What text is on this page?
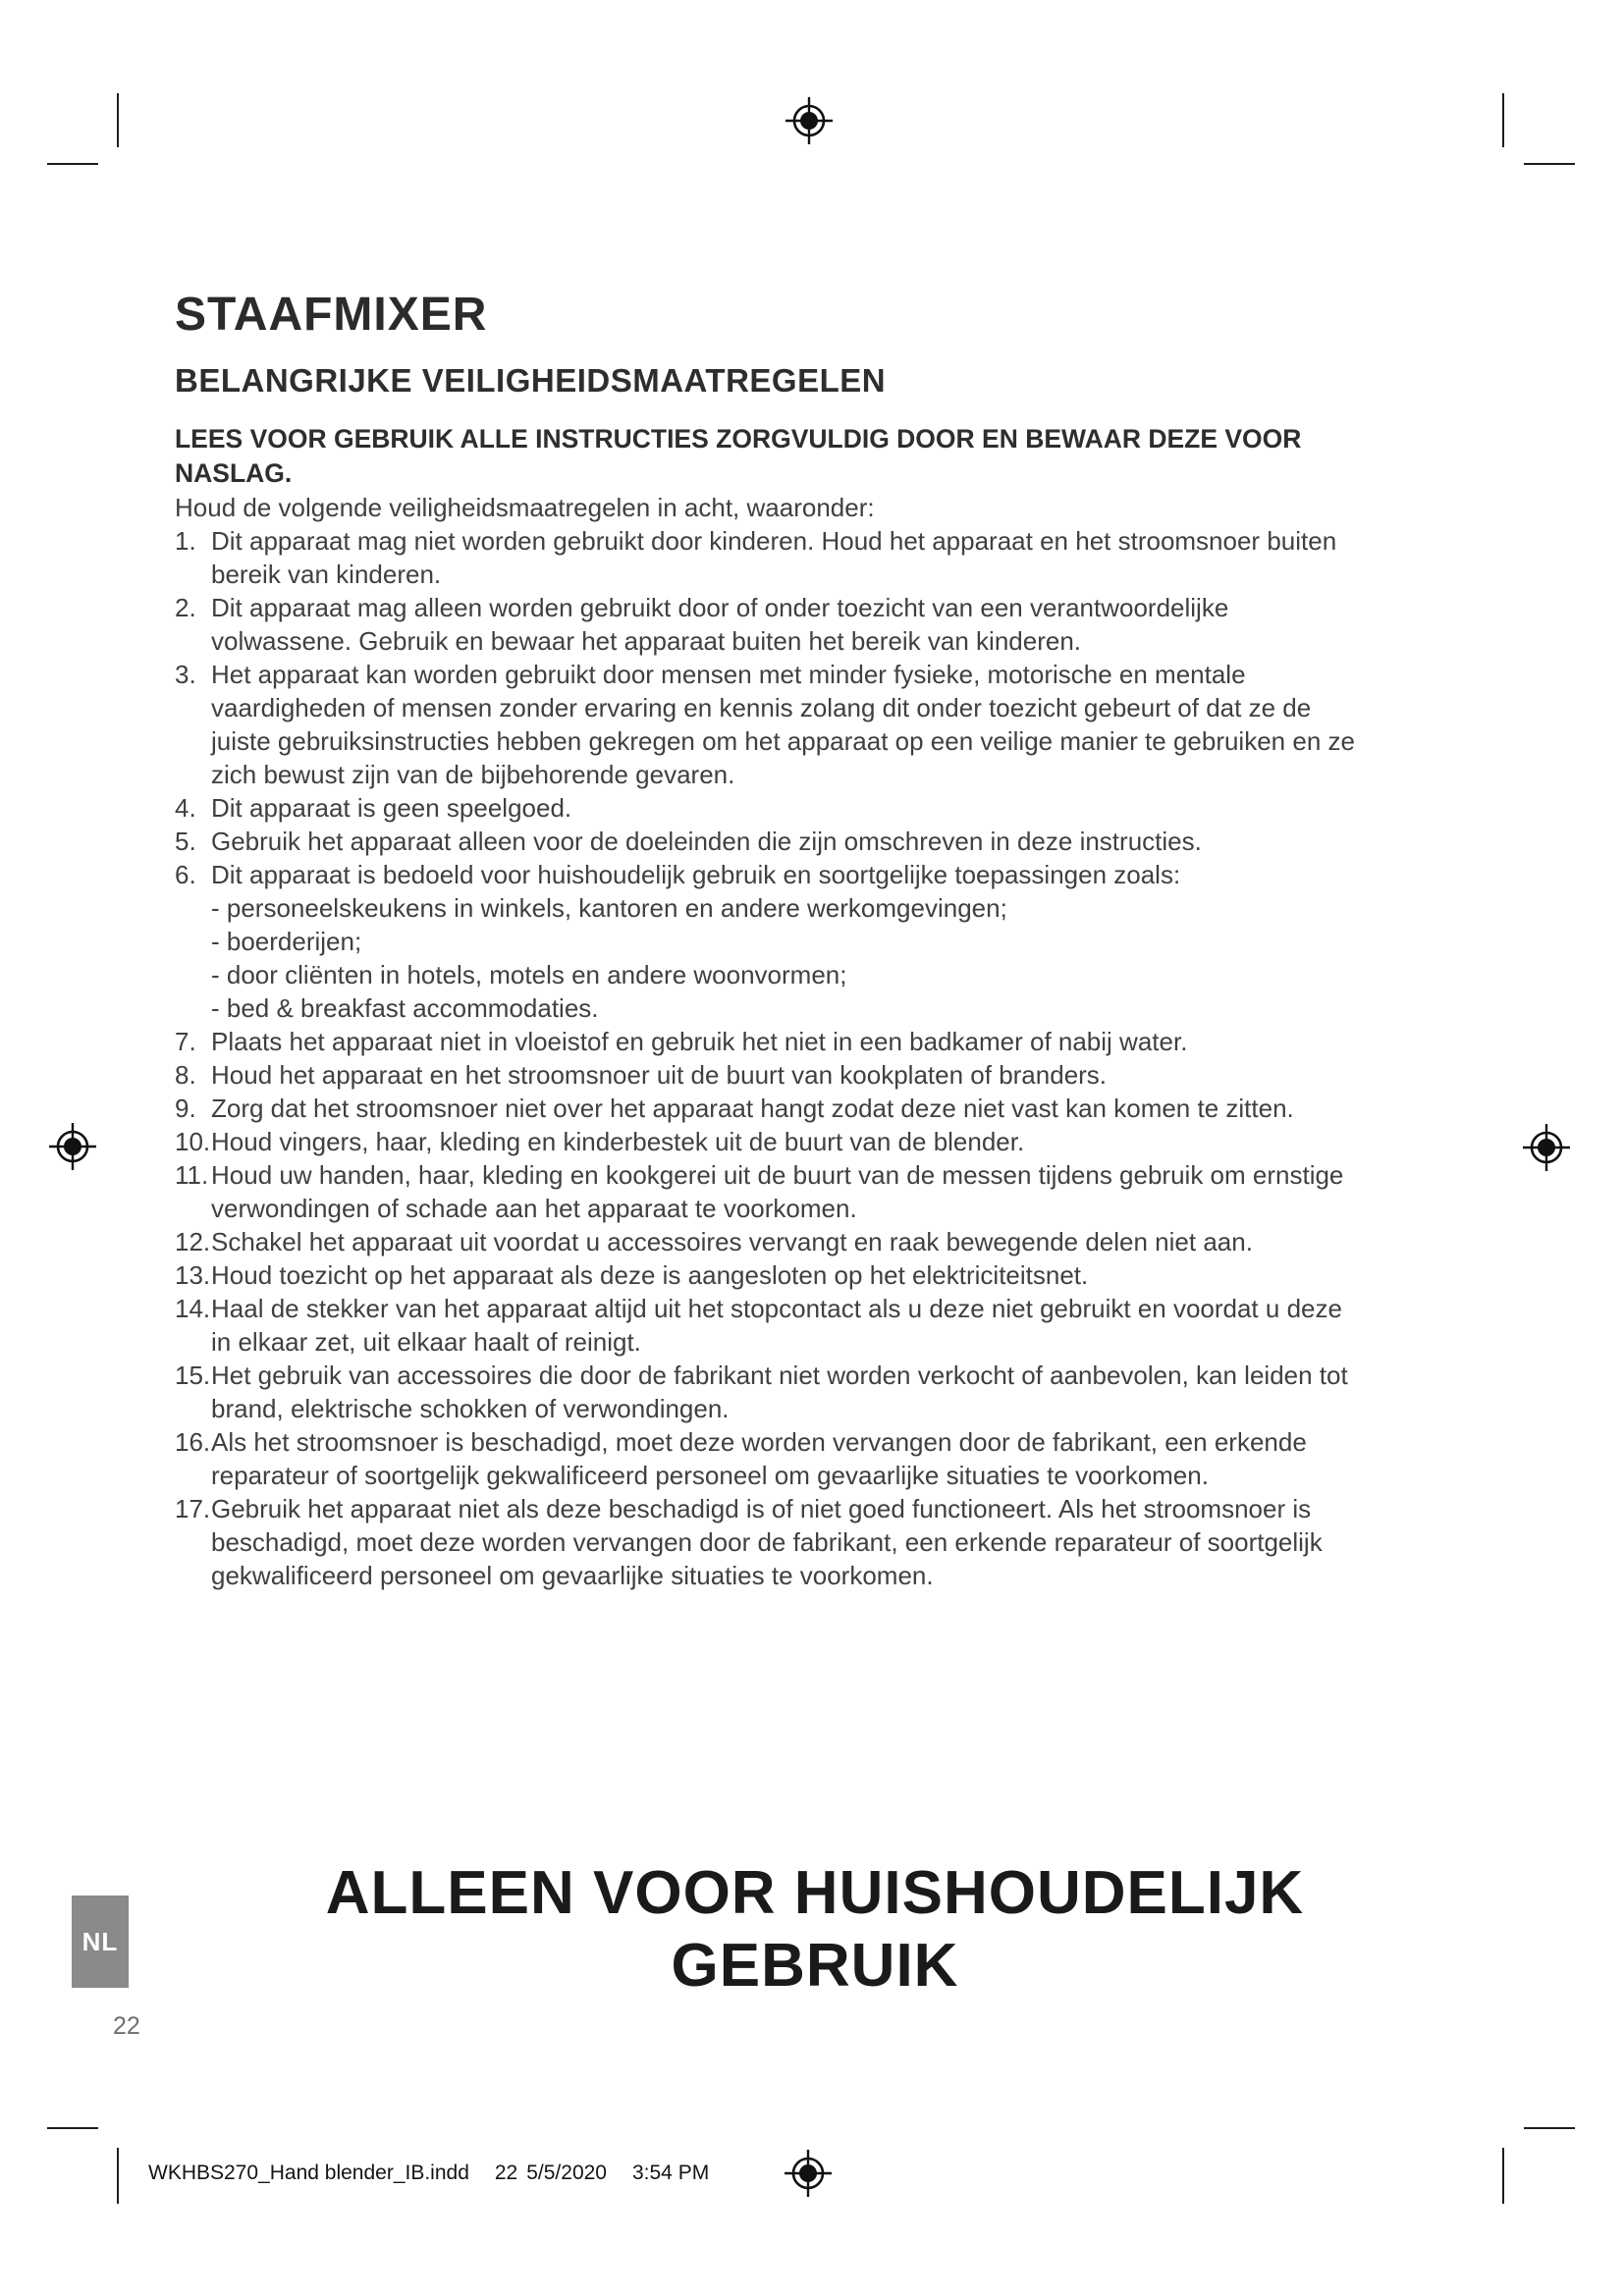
STAAFMIXER
BELANGRIJKE VEILIGHEIDSMAATREGELEN

LEES VOOR GEBRUIK ALLE INSTRUCTIES ZORGVULDIG DOOR EN BEWAAR DEZE VOOR NASLAG.

Houd de volgende veiligheidsmaatregelen in acht, waaronder:

1. Dit apparaat mag niet worden gebruikt door kinderen. Houd het apparaat en het stroomsnoer buiten bereik van kinderen.
2. Dit apparaat mag alleen worden gebruikt door of onder toezicht van een verantwoordelijke volwassene. Gebruik en bewaar het apparaat buiten het bereik van kinderen.
3. Het apparaat kan worden gebruikt door mensen met minder fysieke, motorische en mentale vaardigheden of mensen zonder ervaring en kennis zolang dit onder toezicht gebeurt of dat ze de juiste gebruiksinstructies hebben gekregen om het apparaat op een veilige manier te gebruiken en ze zich bewust zijn van de bijbehorende gevaren.
4. Dit apparaat is geen speelgoed.
5. Gebruik het apparaat alleen voor de doeleinden die zijn omschreven in deze instructies.
6. Dit apparaat is bedoeld voor huishoudelijk gebruik en soortgelijke toepassingen zoals:
- personeelskeukens in winkels, kantoren en andere werkomgevingen;
- boerderijen;
- door cliënten in hotels, motels en andere woonvormen;
- bed & breakfast accommodaties.
7. Plaats het apparaat niet in vloeistof en gebruik het niet in een badkamer of nabij water.
8. Houd het apparaat en het stroomsnoer uit de buurt van kookplaten of branders.
9. Zorg dat het stroomsnoer niet over het apparaat hangt zodat deze niet vast kan komen te zitten.
10. Houd vingers, haar, kleding en kinderbestek uit de buurt van de blender.
11. Houd uw handen, haar, kleding en kookgerei uit de buurt van de messen tijdens gebruik om ernstige verwondingen of schade aan het apparaat te voorkomen.
12. Schakel het apparaat uit voordat u accessoires vervangt en raak bewegende delen niet aan.
13. Houd toezicht op het apparaat als deze is aangesloten op het elektriciteitsnet.
14. Haal de stekker van het apparaat altijd uit het stopcontact als u deze niet gebruikt en voordat u deze in elkaar zet, uit elkaar haalt of reinigt.
15. Het gebruik van accessoires die door de fabrikant niet worden verkocht of aanbevolen, kan leiden tot brand, elektrische schokken of verwondingen.
16. Als het stroomsnoer is beschadigd, moet deze worden vervangen door de fabrikant, een erkende reparateur of soortgelijk gekwalificeerd personeel om gevaarlijke situaties te voorkomen.
17. Gebruik het apparaat niet als deze beschadigd is of niet goed functioneert. Als het stroomsnoer is beschadigd, moet deze worden vervangen door de fabrikant, een erkende reparateur of soortgelijk gekwalificeerd personeel om gevaarlijke situaties te voorkomen.
ALLEEN VOOR HUISHOUDELIJK
GEBRUIK
NL
22
WKHBS270_Hand blender_IB.indd 22 5/5/2020 3:54 PM
